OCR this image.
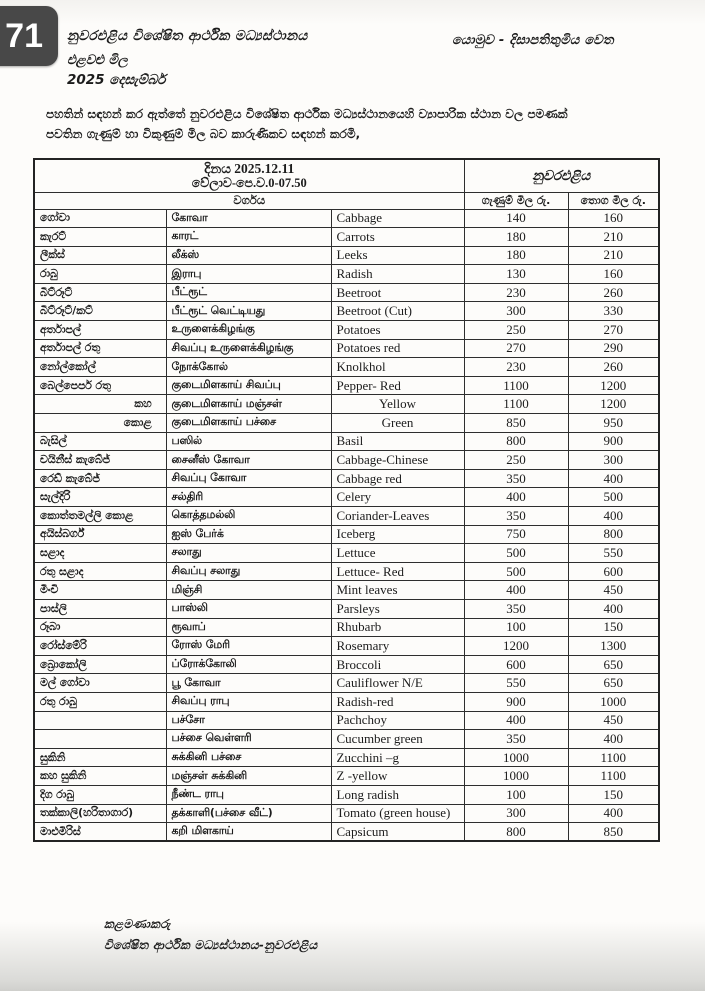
71	නුවරඑළිය විශේෂිත ආර්ථික මධ්‍යස්ථානය
එළවළු මිල
2025 දෙසැම්බර්
යොමුව - දිසාපතිතුමිය වෙත
පහතින් සඳහන් කර ඇත්තේ නුවරඑළිය විශේෂිත ආර්ථික මධ්‍යස්ථානයෙහි ව්‍යාපාරික ස්ථාන වල පමණක්
පවතින ගැණුම් හා විකුණුම් මිල බව කාරුණිකව සඳහන් කරමි,
දිනය 2025.12.11
වේලාව-පෙ.ව.0-07.50			නුවරඑළිය	
වර්ගය			ගැණුම් මිල රු.	තොග මිල රු.
ගෝවා	கோவா	Cabbage	140	160
කැරට්	காரட்	Carrots	180	210
ලීක්ස්	லீக்ஸ்	Leeks	180	210
රාබු	இராபு	Radish	130	160
බීට්රූට්	பீட்ரூட்	Beetroot	230	260
බීට්රූට්/කට්	பீட்ரூட் வெட்டியது	Beetroot (Cut)	300	330
අර්තාපල්	உருளைக்கிழங்கு	Potatoes	250	270
අර්තාපල් රතු	சிவப்பு உருளைக்கிழங்கு	Potatoes red	270	290
නෝල්කෝල්	நோக்கோல்	Knolkhol	230	260
බෙල්පෙපර් රතු	குடைமிளகாய் சிவப்பு	Pepper- Red	1100	1200
කහ	குடைமிளகாய் மஞ்சள்	Yellow	1100	1200
කොළ	குடைமிளகாய் பச்சை	Green	850	950
බැසිල්	பஸில்	Basil	800	900
චයිනීස් කැබේජ්	சைனீஸ் கோவா	Cabbage-Chinese	250	300
රෙඩ් කැබේජ්	சிவப்பு கோவா	Cabbage red	350	400
සැල්දිරි	சல்திரி	Celery	400	500
කොත්තමල්ලි කොළ	கொத்தமல்லி	Coriander-Leaves	350	400
අයිස්බර්ග්	ஐஸ் பேர்க்	Iceberg	750	800
සළාද	சலாது	Lettuce	500	550
රතු සළාද	சிவப்பு சலாது	Lettuce- Red	500	600
මීංචි	மிஞ்சி	Mint leaves	400	450
පාස්ලි	பாஸ்லி	Parsleys	350	400
රූබා	ரூவாப்	Rhubarb	100	150
රෝස්මේරි	ரோஸ் மேரி	Rosemary	1200	1300
බ්‍රොකෝලි	ப்ரோக்கோலி	Broccoli	600	650
මල් ගෝවා	பூ கோவா	Cauliflower N/E	550	650
රතු රාබු	சிவப்பு ராபு	Radish-red	900	1000
	பச்சோ	Pachchoy	400	450
	பச்சை வெள்ளரி	Cucumber green	350	400
සුකිනි	சுக்கினி பச்சை	Zucchini –g	1000	1100
කහ සුකිනි	மஞ்சள் சுக்கினி	Z -yellow	1000	1100
දිග රාබු	நீண்ட ராபு	Long radish	100	150
තක්කාලි(හරිතාගාර)	தக்காளி(பச்சை வீட்)	Tomato (green house)	300	400
මාළුමිරිස්	கறி மிளகாய்	Capsicum	800	850
කළමණාකරු
විශේෂිත ආර්ථික මධ්‍යස්ථානය-නුවරඑළිය
